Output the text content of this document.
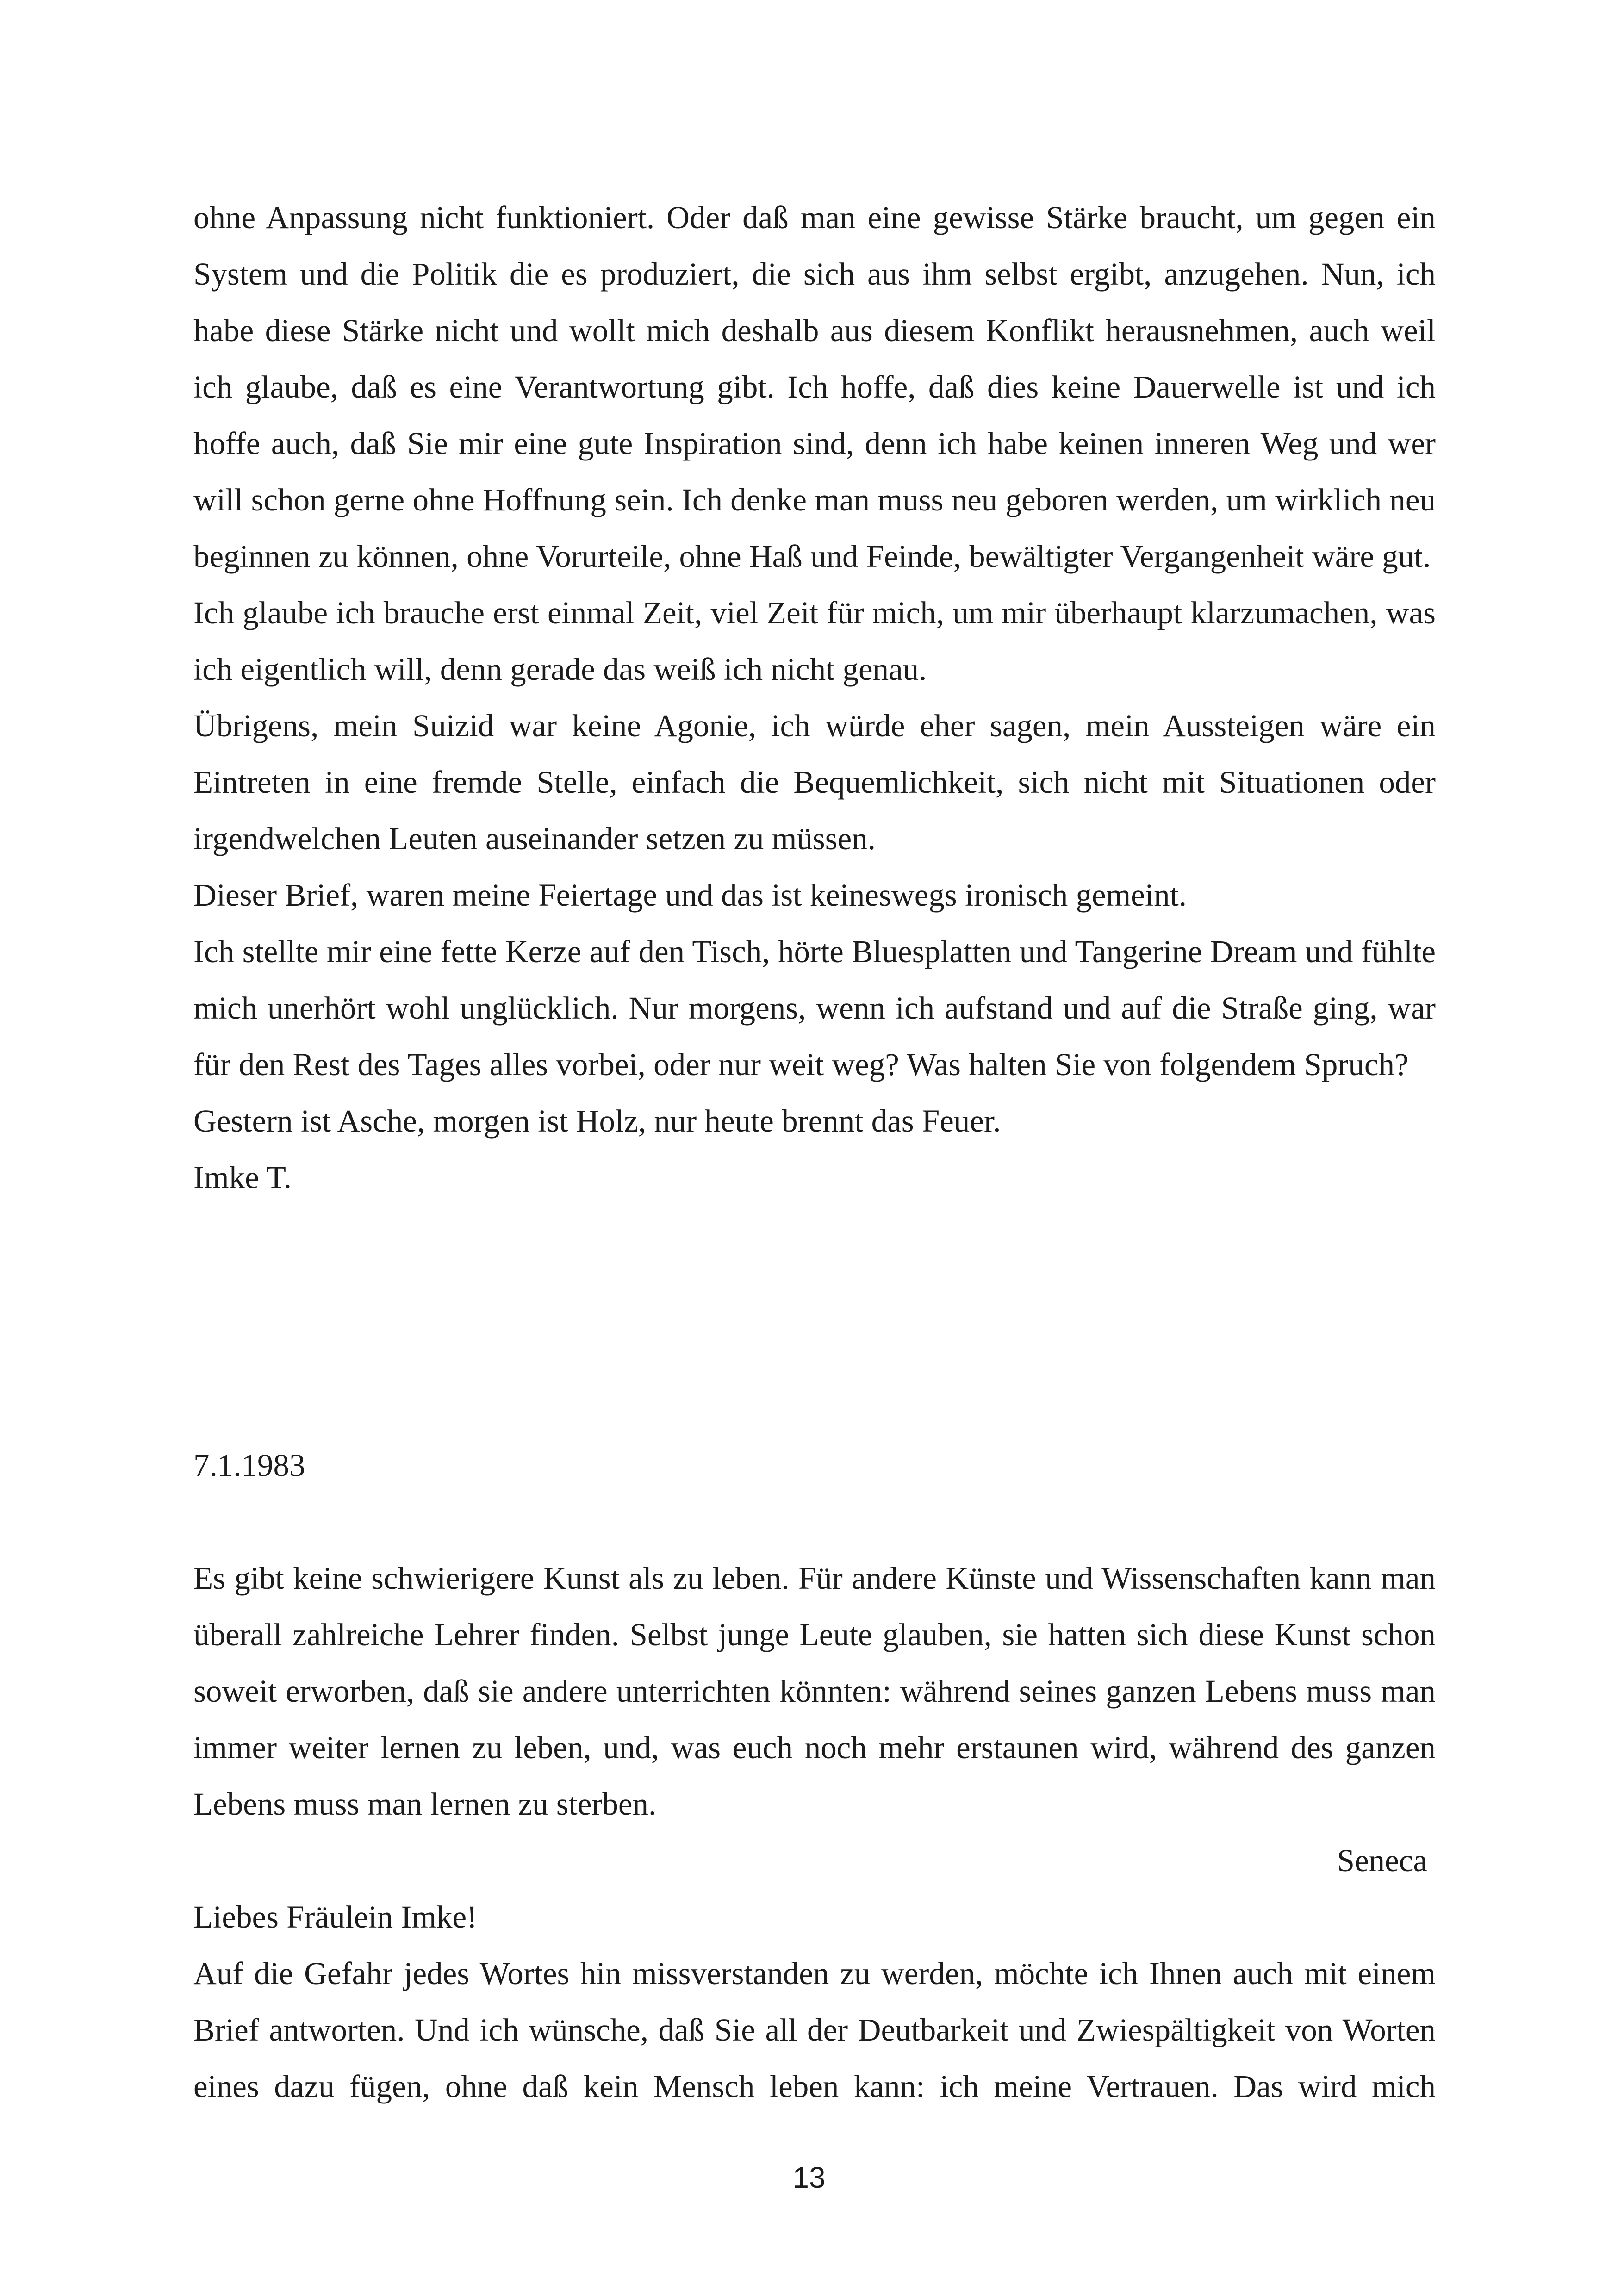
ohne Anpassung nicht funktioniert. Oder daß man eine gewisse Stärke braucht, um gegen ein System und die Politik die es produziert, die sich aus ihm selbst ergibt, anzugehen. Nun, ich habe diese Stärke nicht und wollt mich deshalb aus diesem Konflikt herausnehmen, auch weil ich glaube, daß es eine Verantwortung gibt. Ich hoffe, daß dies keine Dauerwelle ist und ich hoffe auch, daß Sie mir eine gute Inspiration sind, denn ich habe keinen inneren Weg und wer will schon gerne ohne Hoffnung sein. Ich denke man muss neu geboren werden, um wirklich neu beginnen zu können, ohne Vorurteile, ohne Haß und Feinde, bewältigter Vergangenheit wäre gut.

Ich glaube ich brauche erst einmal Zeit, viel Zeit für mich, um mir überhaupt klarzumachen, was ich eigentlich will, denn gerade das weiß ich nicht genau.

Übrigens, mein Suizid war keine Agonie, ich würde eher sagen, mein Aussteigen wäre ein Eintreten in eine fremde Stelle, einfach die Bequemlichkeit, sich nicht mit Situationen oder irgendwelchen Leuten auseinander setzen zu müssen.

Dieser Brief, waren meine Feiertage und das ist keineswegs ironisch gemeint.

Ich stellte mir eine fette Kerze auf den Tisch, hörte Bluesplatten und Tangerine Dream und fühlte mich unerhört wohl unglücklich. Nur morgens, wenn ich aufstand und auf die Straße ging, war für den Rest des Tages alles vorbei, oder nur weit weg? Was halten Sie von folgendem Spruch?

Gestern ist Asche, morgen ist Holz, nur heute brennt das Feuer.

Imke T.

7.1.1983

Es gibt keine schwierigere Kunst als zu leben. Für andere Künste und Wissenschaften kann man überall zahlreiche Lehrer finden. Selbst junge Leute glauben, sie hatten sich diese Kunst schon soweit erworben, daß sie andere unterrichten könnten: während seines ganzen Lebens muss man immer weiter lernen zu leben, und, was euch noch mehr erstaunen wird, während des ganzen Lebens muss man lernen zu sterben.

Seneca

Liebes Fräulein Imke!

Auf die Gefahr jedes Wortes hin missverstanden zu werden, möchte ich Ihnen auch mit einem Brief antworten. Und ich wünsche, daß Sie all der Deutbarkeit und Zwiespältigkeit von Worten eines dazu fügen, ohne daß kein Mensch leben kann: ich meine Vertrauen. Das wird mich

13
